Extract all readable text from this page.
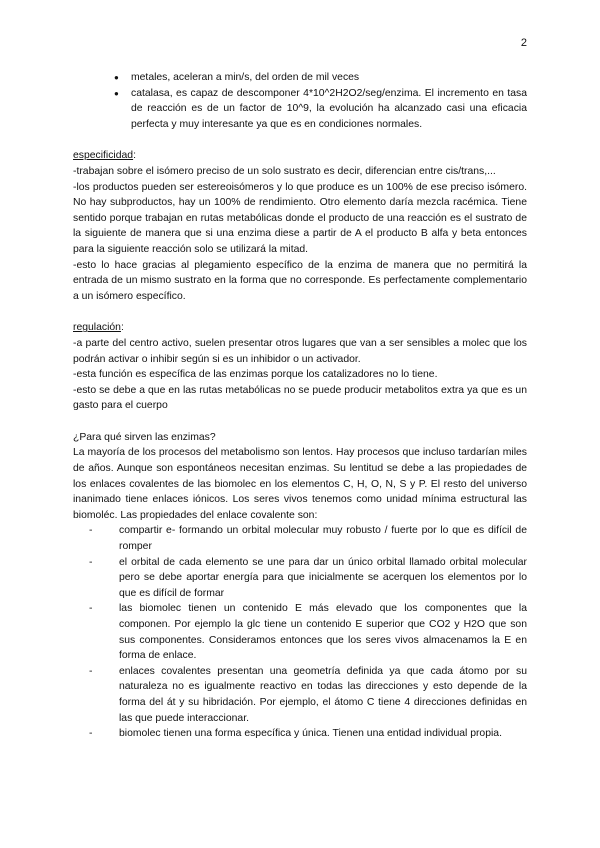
2
● metales, aceleran a min/s, del orden de mil veces
● catalasa, es capaz de descomponer 4*10^2H2O2/seg/enzima. El incremento en tasa de reacción es de un factor de 10^9, la evolución ha alcanzado casi una eficacia perfecta y muy interesante ya que es en condiciones normales.
especificidad:

-trabajan sobre el isómero preciso de un solo sustrato es decir, diferencian entre cis/trans,...

-los productos pueden ser estereoisómeros y lo que produce es un 100% de ese preciso isómero. No hay subproductos, hay un 100% de rendimiento. Otro elemento daría mezcla racémica. Tiene sentido porque trabajan en rutas metabólicas donde el producto de una reacción es el sustrato de la siguiente de manera que si una enzima diese a partir de A el producto B alfa y beta entonces para la siguiente reacción solo se utilizará la mitad.

-esto lo hace gracias al plegamiento específico de la enzima de manera que no permitirá la entrada de un mismo sustrato en la forma que no corresponde. Es perfectamente complementario a un isómero específico.

regulación:

-a parte del centro activo, suelen presentar otros lugares que van a ser sensibles a molec que los podrán activar o inhibir según si es un inhibidor o un activador.

-esta función es específica de las enzimas porque los catalizadores no lo tiene.

-esto se debe a que en las rutas metabólicas no se puede producir metabolitos extra ya que es un gasto para el cuerpo

¿Para qué sirven las enzimas?

La mayoría de los procesos del metabolismo son lentos. Hay procesos que incluso tardarían miles de años. Aunque son espontáneos necesitan enzimas. Su lentitud se debe a las propiedades de los enlaces covalentes de las biomolec en los elementos C, H, O, N, S y P. El resto del universo inanimado tiene enlaces iónicos. Los seres vivos tenemos como unidad mínima estructural las biomoléc. Las propiedades del enlace covalente son:

- compartir e- formando un orbital molecular muy robusto / fuerte por lo que es difícil de romper
- el orbital de cada elemento se une para dar un único orbital llamado orbital molecular pero se debe aportar energía para que inicialmente se acerquen los elementos por lo que es difícil de formar
- las biomolec tienen un contenido E más elevado que los componentes que la componen. Por ejemplo la glc tiene un contenido E superior que CO2 y H2O que son sus componentes. Consideramos entonces que los seres vivos almacenamos la E en forma de enlace.
- enlaces covalentes presentan una geometría definida ya que cada átomo por su naturaleza no es igualmente reactivo en todas las direcciones y esto depende de la forma del át y su hibridación. Por ejemplo, el átomo C tiene 4 direcciones definidas en las que puede interaccionar.
- biomolec tienen una forma específica y única. Tienen una entidad individual propia.
